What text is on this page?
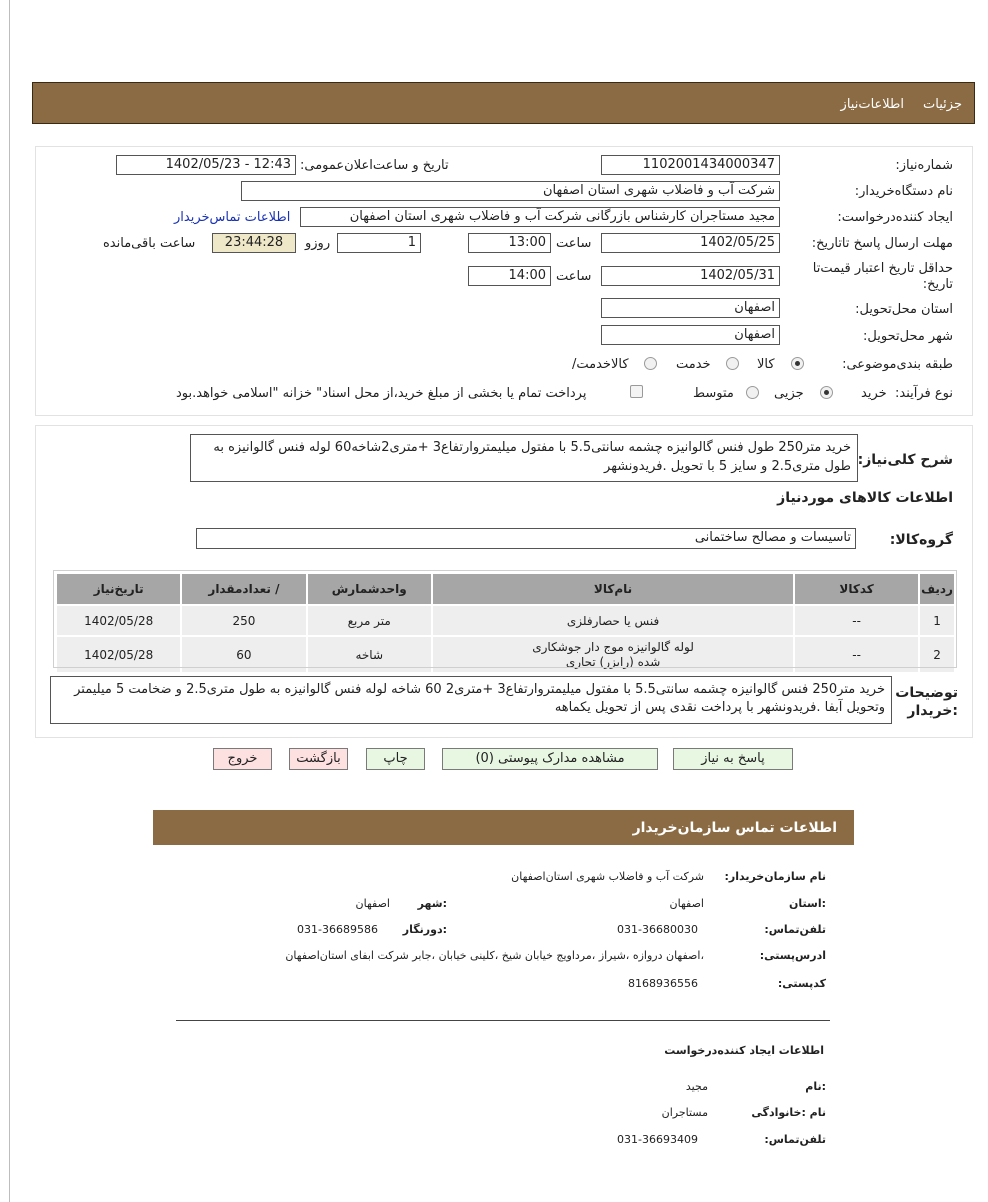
جزئیات
اطلاعات‌نیاز
شماره‌نیاز:
1102001434000347
تاریخ و ساعت‌اعلان‌عمومی:
1402/05/23 - 12:43
نام دستگاه‌خریدار:
شرکت آب و فاضلاب شهری استان اصفهان
ایجاد کننده‌درخواست:
مجید مستاجران کارشناس بازرگانی شرکت آب و فاضلاب شهری استان اصفهان
اطلاعات تماس‌خریدار
مهلت ارسال پاسخ تا‌تاریخ:
1402/05/25
ساعت
13:00
1
روزو
23:44:28
ساعت باقی‌مانده
حداقل تاریخ اعتبار قیمت‌تا
تاریخ:
1402/05/31
ساعت
14:00
استان محل‌تحویل:
اصفهان
شهر محل‌تحویل:
اصفهان
طبقه بندی‌موضوعی:
کالا
خدمت
کالا‌خدمت/
نوع فرآیند:
خرید
جزیی
متوسط
پرداخت تمام یا بخشی از مبلغ خرید،از محل اسناد" خزانه "اسلامی خواهد.بود
شرح کلی‌نیاز:
خرید متر250 طول فنس گالوانیزه چشمه سانتی5.5 با مفتول میلیمتروارتفاع3 +متری2شاخه60 لوله فنس گالوانیزه به طول متری2.5 و سایز 5 با تحویل .فریدونشهر
اطلاعات کالاهای موردنیاز
گروه‌کالا:
تاسیسات و مصالح ساختمانی
ردیف	کدکالا	نام‌کالا	واحدشمارش	/ تعدادمقدار	تاریخ‌نیاز
1	--	فنس یا حصارفلزی	متر مربع	250	1402/05/28
2	--	لوله گالوانیزه موج دار جوشکاری شده (رایزر) تجاری	شاخه	60	1402/05/28
توضیحات
:خریدار
خرید متر250 فنس گالوانیزه چشمه سانتی5.5 با مفتول میلیمتروارتفاع3 +متری2 60 شاخه لوله فنس گالوانیزه به طول متری2.5 و ضخامت 5 میلیمتر وتحویل آبفا .فریدونشهر با پرداخت نقدی پس از تحویل یکماهه
پاسخ به نیاز
مشاهده مدارک پیوستی (0)
چاپ
بازگشت
خروج
اطلاعات تماس سازمان‌خریدار
نام سازمان‌خریدار:
شرکت آب و فاضلاب شهری استان‌اصفهان
:استان
اصفهان
:شهر
اصفهان
تلفن‌تماس:
031-36680030
:دورنگار
031-36689586
ادرس‌پستی:
،اصفهان دروازه ،شیراز ،مرداویج خیابان شیخ ،کلینی خیابان ،جابر شرکت ابفای استان‌اصفهان
کد‌پستی:
8168936556
اطلاعات ایجاد کننده‌درخواست
:نام
مجید
نام :خانوادگی
مستاجران
تلفن‌تماس:
031-36693409
